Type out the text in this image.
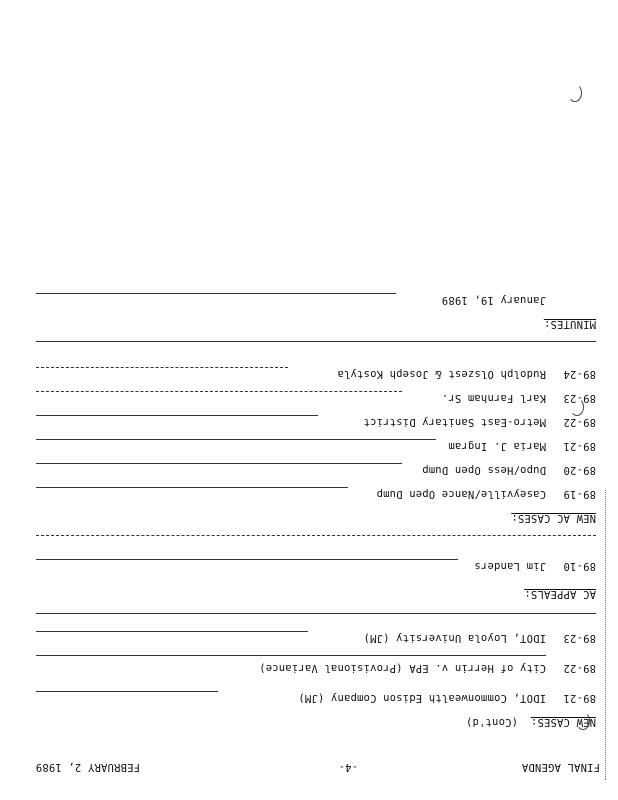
FINAL AGENDA
-4-
FEBRUARY 2, 1989
NEW CASES:
(Cont'd)
89-21
IDOT, Commonwealth Edison Company (JM)
89-22
City of Herrin v. EPA (Provisional Variance)
89-23
IDOT, Loyola University (JM)
AC APPEALS:
89-10
Jim Landers
NEW AC CASES:
89-19
Caseyville/Nance Open Dump
89-20
Dupo/Hess Open Dump
89-21
Maria J. Ingram
89-22
Metro-East Sanitary District
89-23
Karl Farnham Sr.
89-24
Rudolph Olszest & Joseph Kostyla
MINUTES:
January 19, 1989
